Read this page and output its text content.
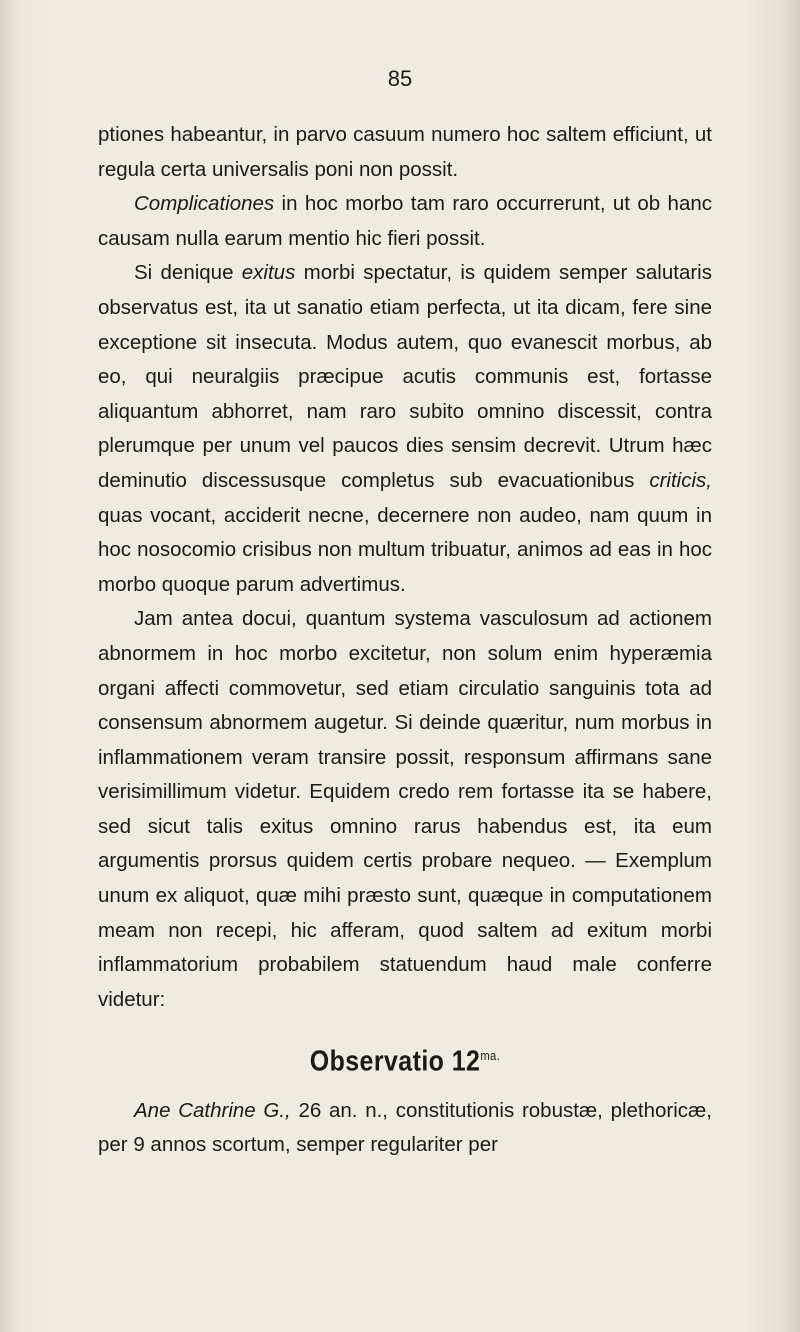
85

ptiones habeantur, in parvo casuum numero hoc saltem efficiunt, ut regula certa universalis poni non possit.

Complicationes in hoc morbo tam raro occurrerunt, ut ob hanc causam nulla earum mentio hic fieri possit.

Si denique exitus morbi spectatur, is quidem semper salutaris observatus est, ita ut sanatio etiam perfecta, ut ita dicam, fere sine exceptione sit insecuta. Modus autem, quo evanescit morbus, ab eo, qui neuralgiis præcipue acutis communis est, fortasse aliquantum abhorret, nam raro subito omnino discessit, contra plerumque per unum vel paucos dies sensim decrevit. Utrum hæc deminutio discessusque completus sub evacuationibus criticis, quas vocant, acciderit necne, decernere non audeo, nam quum in hoc nosocomio crisibus non multum tribuatur, animos ad eas in hoc morbo quoque parum advertimus.

Jam antea docui, quantum systema vasculosum ad actionem abnormem in hoc morbo excitetur, non solum enim hyperæmia organi affecti commovetur, sed etiam circulatio sanguinis tota ad consensum abnormem augetur. Si deinde quæritur, num morbus in inflammationem veram transire possit, responsum affirmans sane verisimillimum videtur. Equidem credo rem fortasse ita se habere, sed sicut talis exitus omnino rarus habendus est, ita eum argumentis prorsus quidem certis probare nequeo. — Exemplum unum ex aliquot, quæ mihi præsto sunt, quæque in computationem meam non recepi, hic afferam, quod saltem ad exitum morbi inflammatorium probabilem statuendum haud male conferre videtur:

Observatio $12^{ma.}$

Ane Cathrine G., 26 an. n., constitutionis robustæ, plethoricæ, per 9 annos scortum, semper regulariter per
